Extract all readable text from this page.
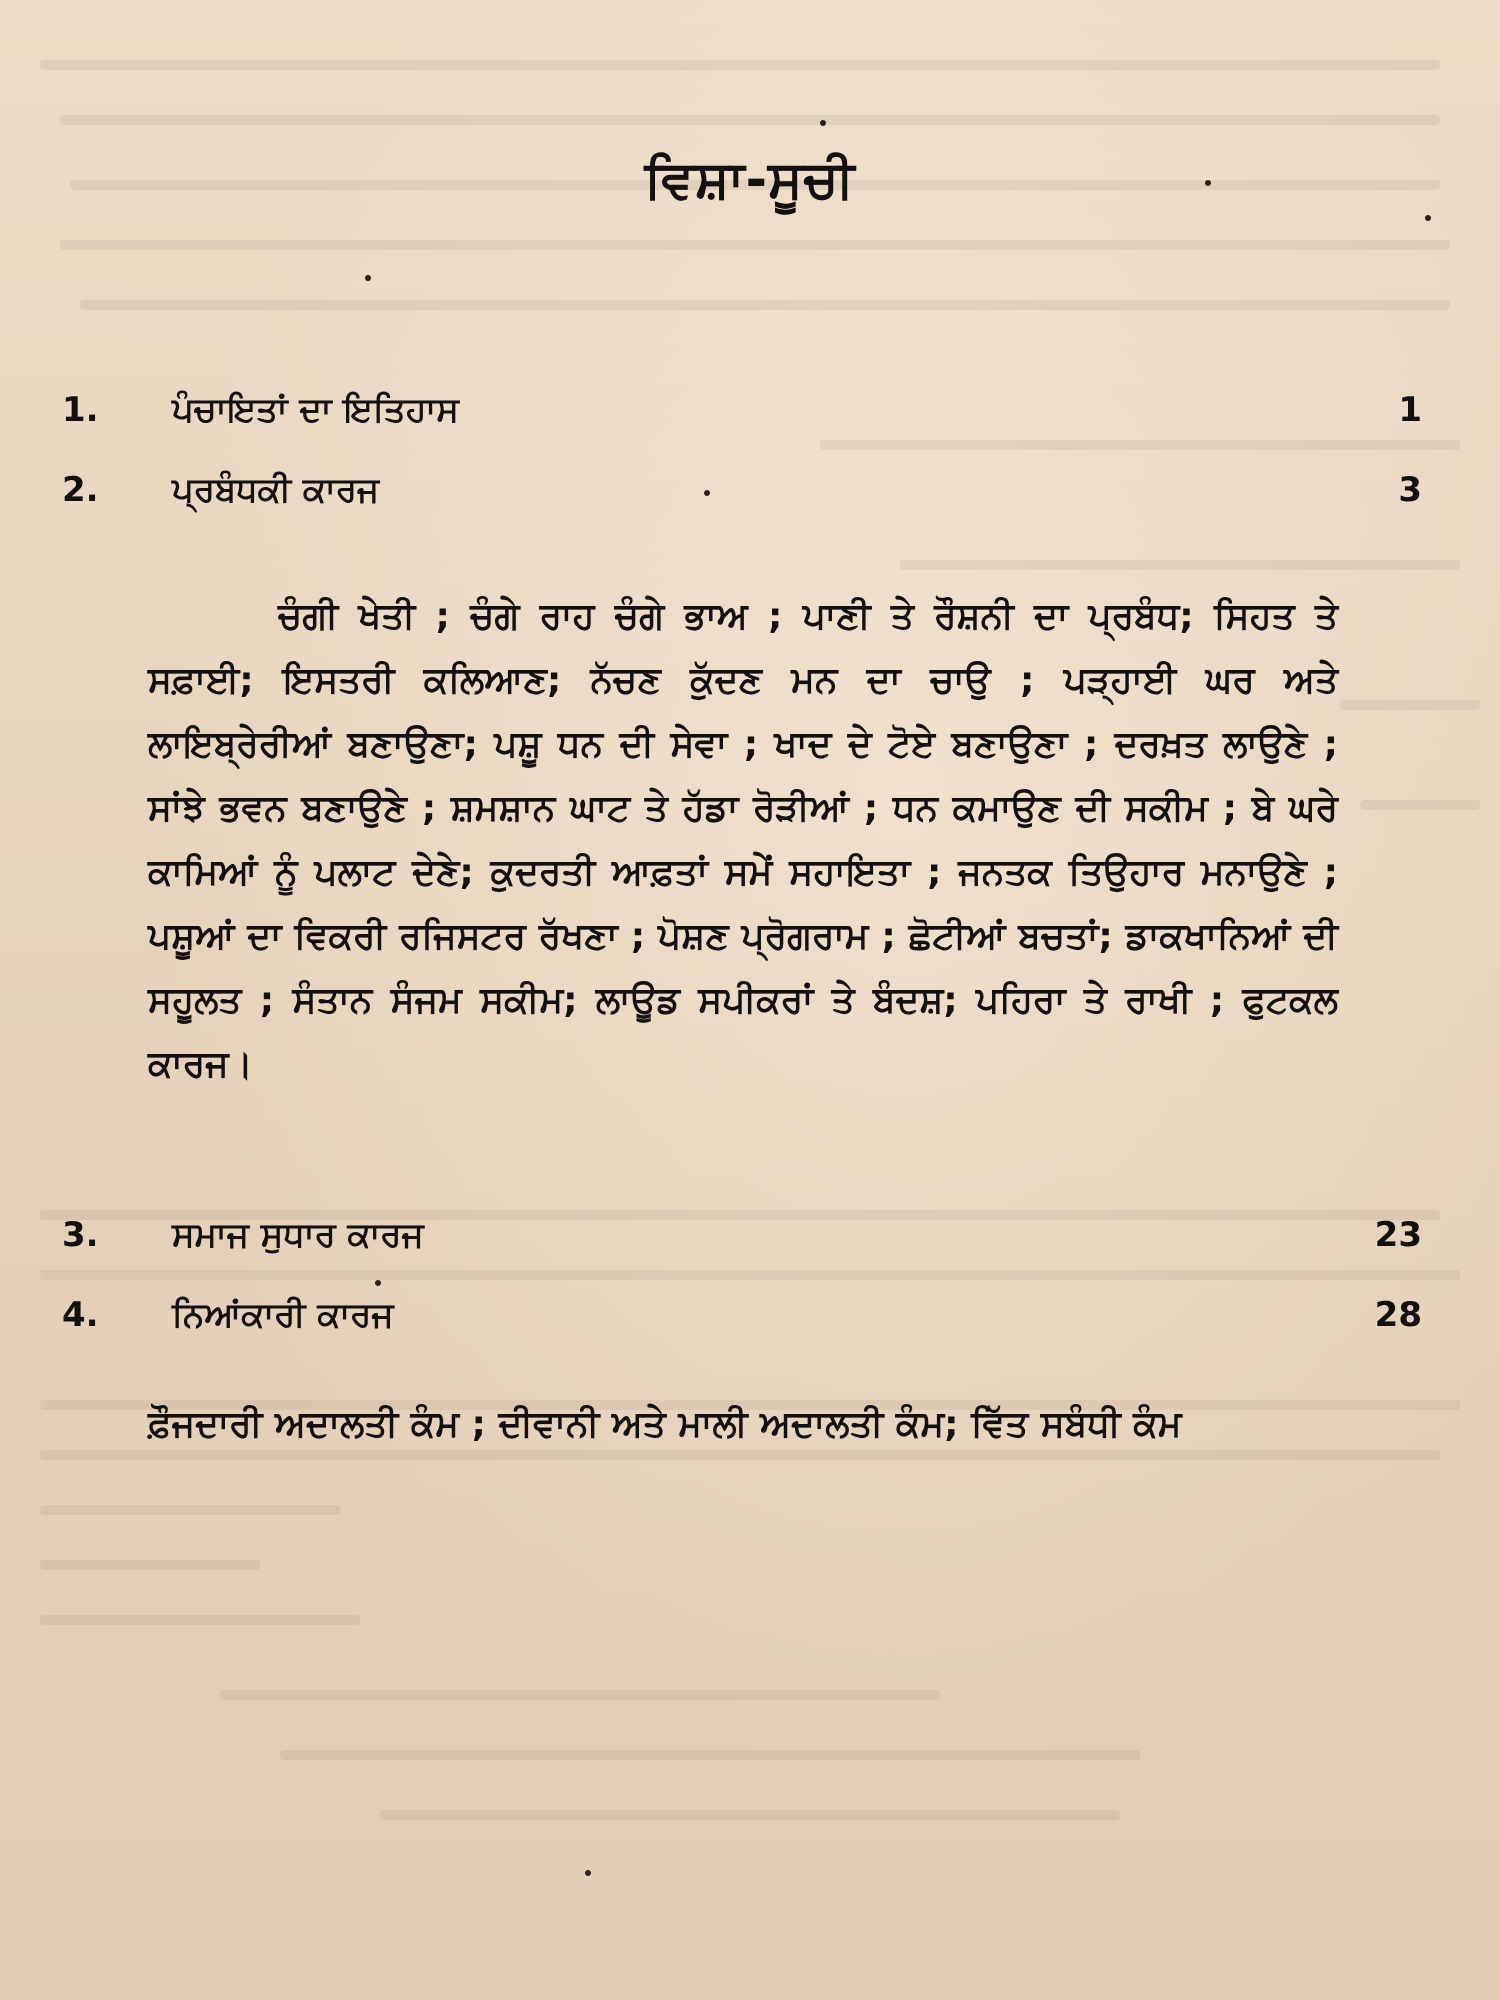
ਵਿਸ਼ਾ-ਸੂਚੀ
1. ਪੰਚਾਇਤਾਂ ਦਾ ਇਤਿਹਾਸ	1
2. ਪ੍ਰਬੰਧਕੀ ਕਾਰਜ	3

ਚੰਗੀ ਖੇਤੀ ; ਚੰਗੇ ਰਾਹ ਚੰਗੇ ਭਾਅ ; ਪਾਣੀ ਤੇ ਰੌਸ਼ਨੀ ਦਾ ਪ੍ਰਬੰਧ; ਸਿਹਤ ਤੇ ਸਫ਼ਾਈ; ਇਸਤਰੀ ਕਲਿਆਣ; ਨੱਚਣ ਕੁੱਦਣ ਮਨ ਦਾ ਚਾਉ ; ਪੜ੍ਹਾਈ ਘਰ ਅਤੇ ਲਾਇਬ੍ਰੇਰੀਆਂ ਬਣਾਉਣਾ; ਪਸ਼ੂ ਧਨ ਦੀ ਸੇਵਾ ; ਖਾਦ ਦੇ ਟੋਏ ਬਣਾਉਣਾ ; ਦਰਖ਼ਤ ਲਾਉਣੇ ; ਸਾਂਝੇ ਭਵਨ ਬਣਾਉਣੇ ; ਸ਼ਮਸ਼ਾਨ ਘਾਟ ਤੇ ਹੱਡਾ ਰੋੜੀਆਂ ; ਧਨ ਕਮਾਉਣ ਦੀ ਸਕੀਮ ; ਬੇ ਘਰੇ ਕਾਮਿਆਂ ਨੂੰ ਪਲਾਟ ਦੇਣੇ; ਕੁਦਰਤੀ ਆਫ਼ਤਾਂ ਸਮੇਂ ਸਹਾਇਤਾ ; ਜਨਤਕ ਤਿਉਹਾਰ ਮਨਾਉਣੇ ; ਪਸ਼ੂਆਂ ਦਾ ਵਿਕਰੀ ਰਜਿਸਟਰ ਰੱਖਣਾ ; ਪੋਸ਼ਣ ਪ੍ਰੋਗਰਾਮ ; ਛੋਟੀਆਂ ਬਚਤਾਂ; ਡਾਕਖਾਨਿਆਂ ਦੀ ਸਹੂਲਤ ; ਸੰਤਾਨ ਸੰਜਮ ਸਕੀਮ; ਲਾਊਡ ਸਪੀਕਰਾਂ ਤੇ ਬੰਦਸ਼; ਪਹਿਰਾ ਤੇ ਰਾਖੀ ; ਫੁਟਕਲ ਕਾਰਜ।

3. ਸਮਾਜ ਸੁਧਾਰ ਕਾਰਜ	23
4. ਨਿਆਂਕਾਰੀ ਕਾਰਜ	28

ਫ਼ੌਜਦਾਰੀ ਅਦਾਲਤੀ ਕੰਮ ; ਦੀਵਾਨੀ ਅਤੇ ਮਾਲੀ ਅਦਾਲਤੀ ਕੰਮ; ਵਿੱਤ ਸਬੰਧੀ ਕੰਮ
